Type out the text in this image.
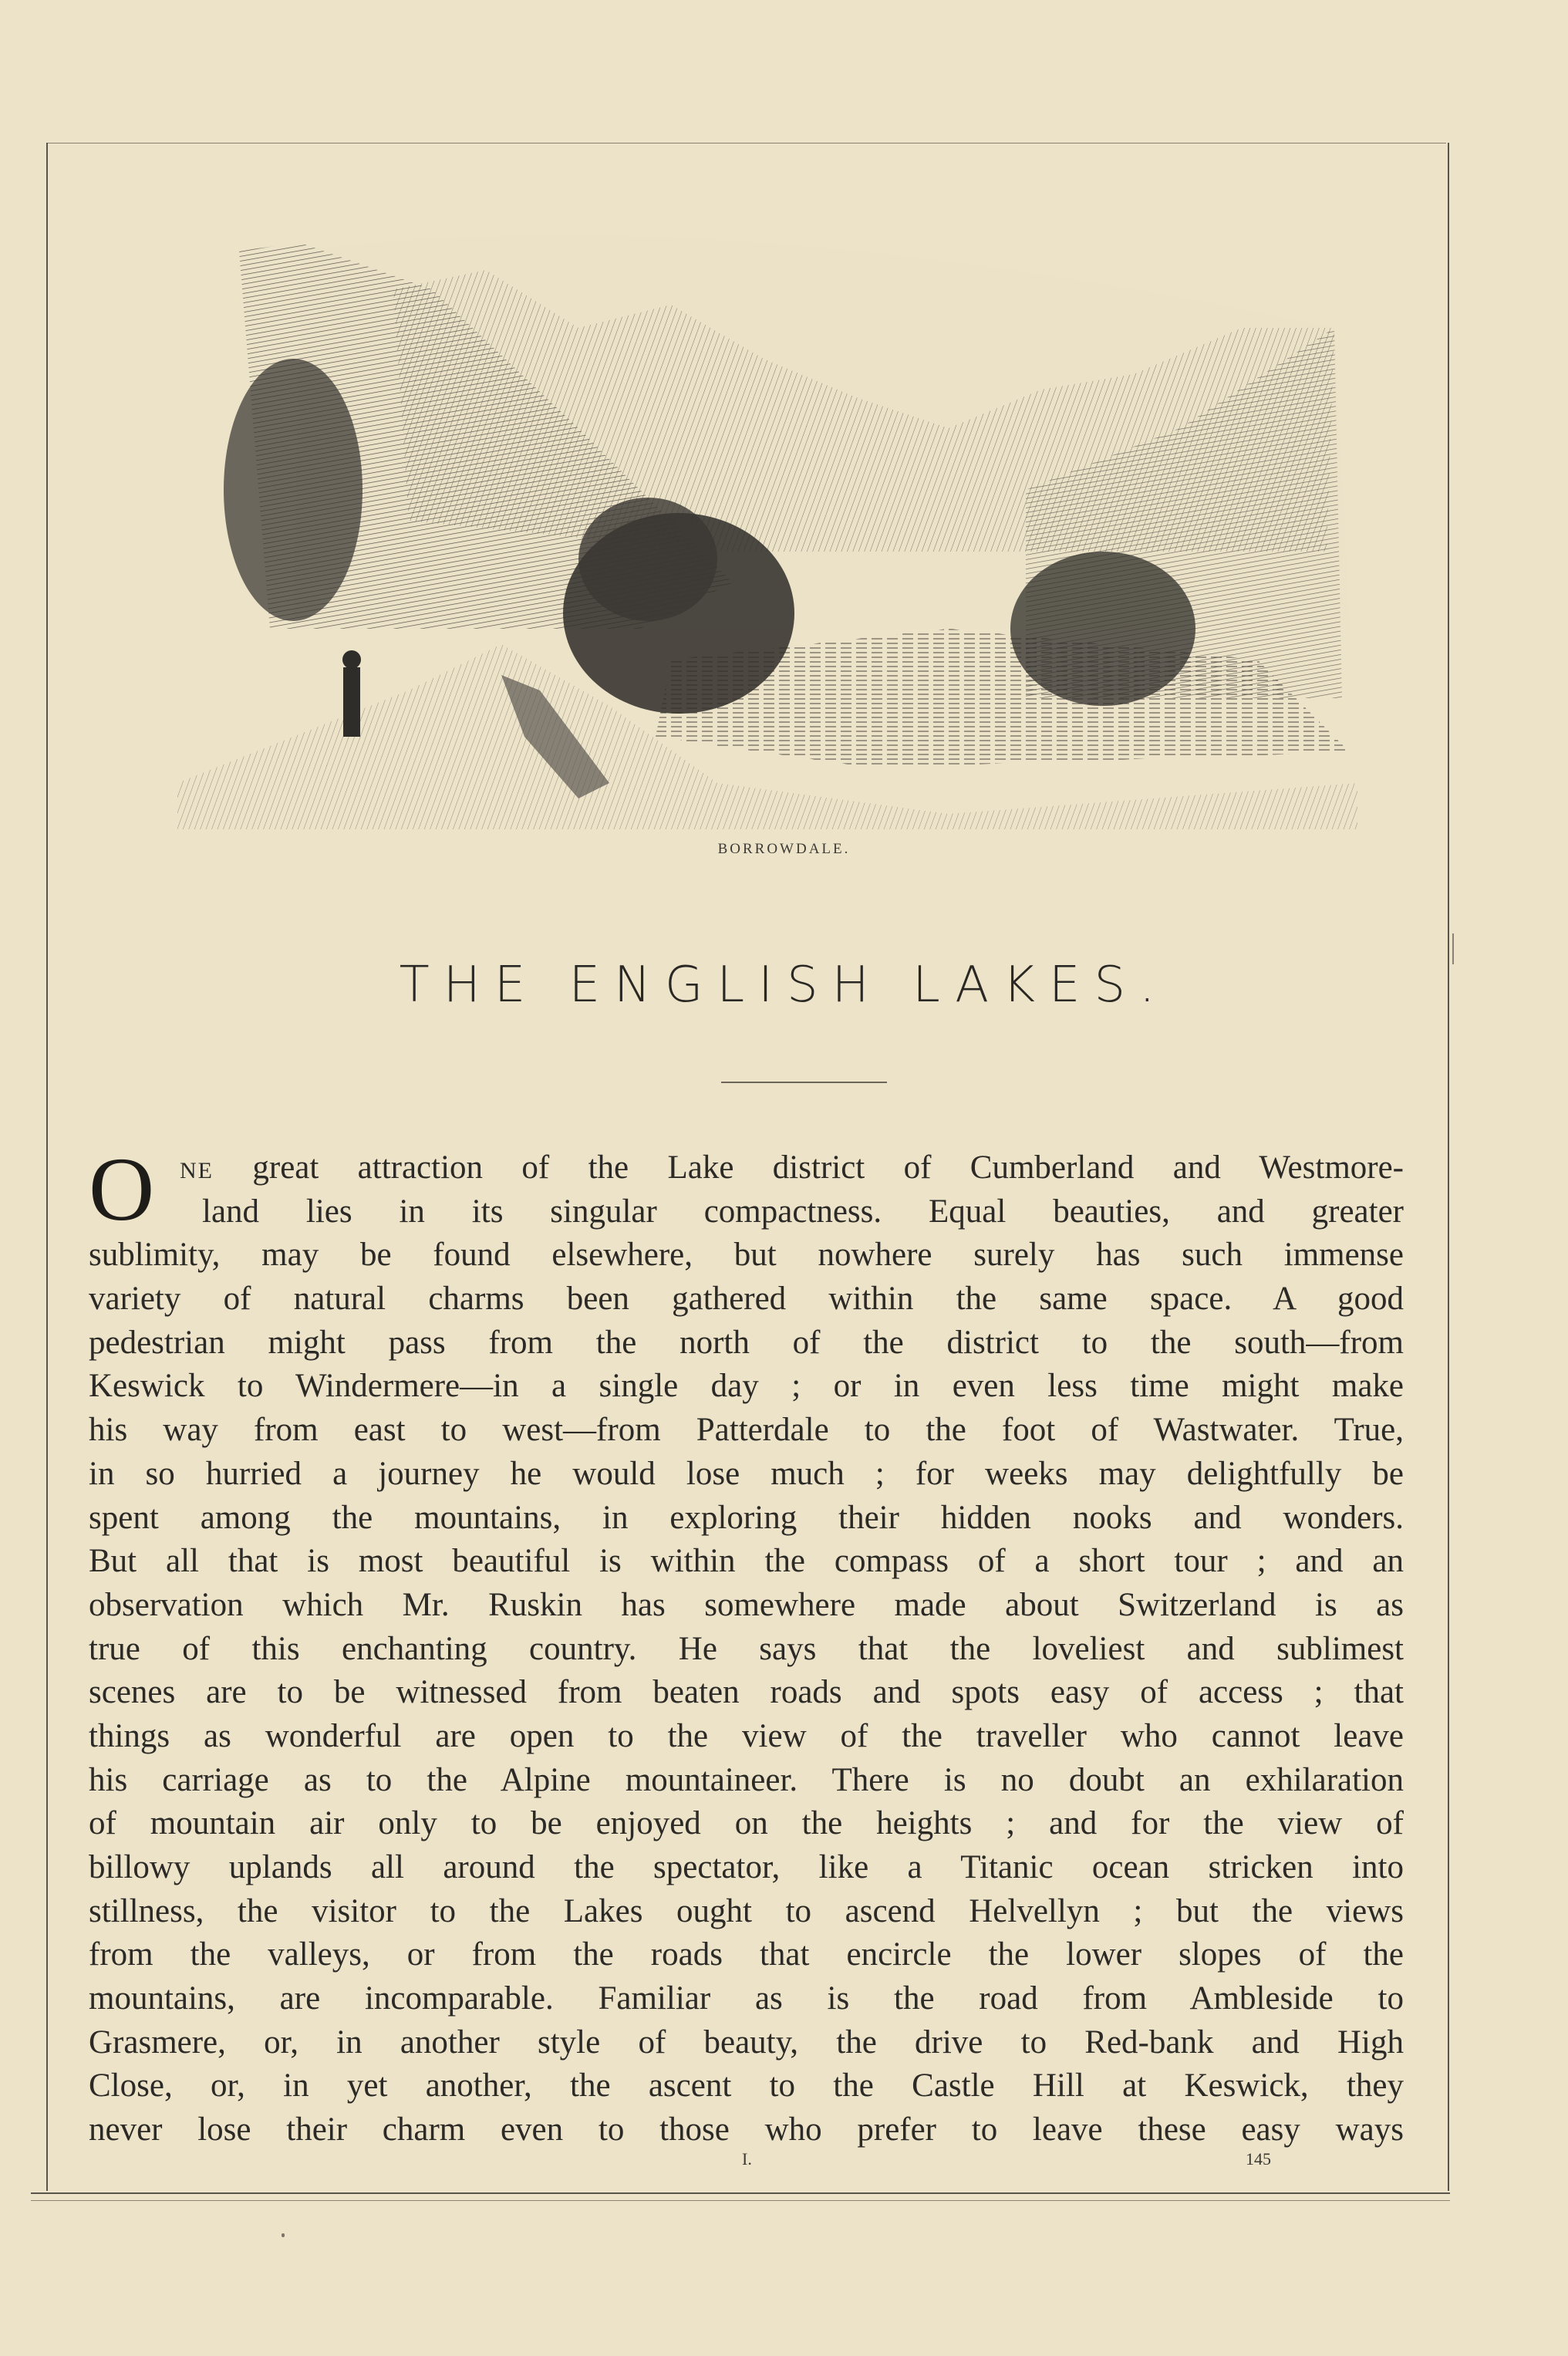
BORROWDALE.
THE ENGLISH LAKES.
O	NE great attraction of the Lake district of Cumberland and Westmore-
land lies in its singular compactness. Equal beauties, and greater
sublimity, may be found elsewhere, but nowhere surely has such immense
variety of natural charms been gathered within the same space. A good
pedestrian might pass from the north of the district to the south—from
Keswick to Windermere—in a single day ; or in even less time might make
his way from east to west—from Patterdale to the foot of Wastwater. True,
in so hurried a journey he would lose much ; for weeks may delightfully be
spent among the mountains, in exploring their hidden nooks and wonders.
But all that is most beautiful is within the compass of a short tour ; and an
observation which Mr. Ruskin has somewhere made about Switzerland is as
true of this enchanting country. He says that the loveliest and sublimest
scenes are to be witnessed from beaten roads and spots easy of access ; that
things as wonderful are open to the view of the traveller who cannot leave
his carriage as to the Alpine mountaineer. There is no doubt an exhilaration
of mountain air only to be enjoyed on the heights ; and for the view of
billowy uplands all around the spectator, like a Titanic ocean stricken into
stillness, the visitor to the Lakes ought to ascend Helvellyn ; but the views
from the valleys, or from the roads that encircle the lower slopes of the
mountains, are incomparable. Familiar as is the road from Ambleside to
Grasmere, or, in another style of beauty, the drive to Red-bank and High
Close, or, in yet another, the ascent to the Castle Hill at Keswick, they
never lose their charm even to those who prefer to leave these easy ways
I.	145
